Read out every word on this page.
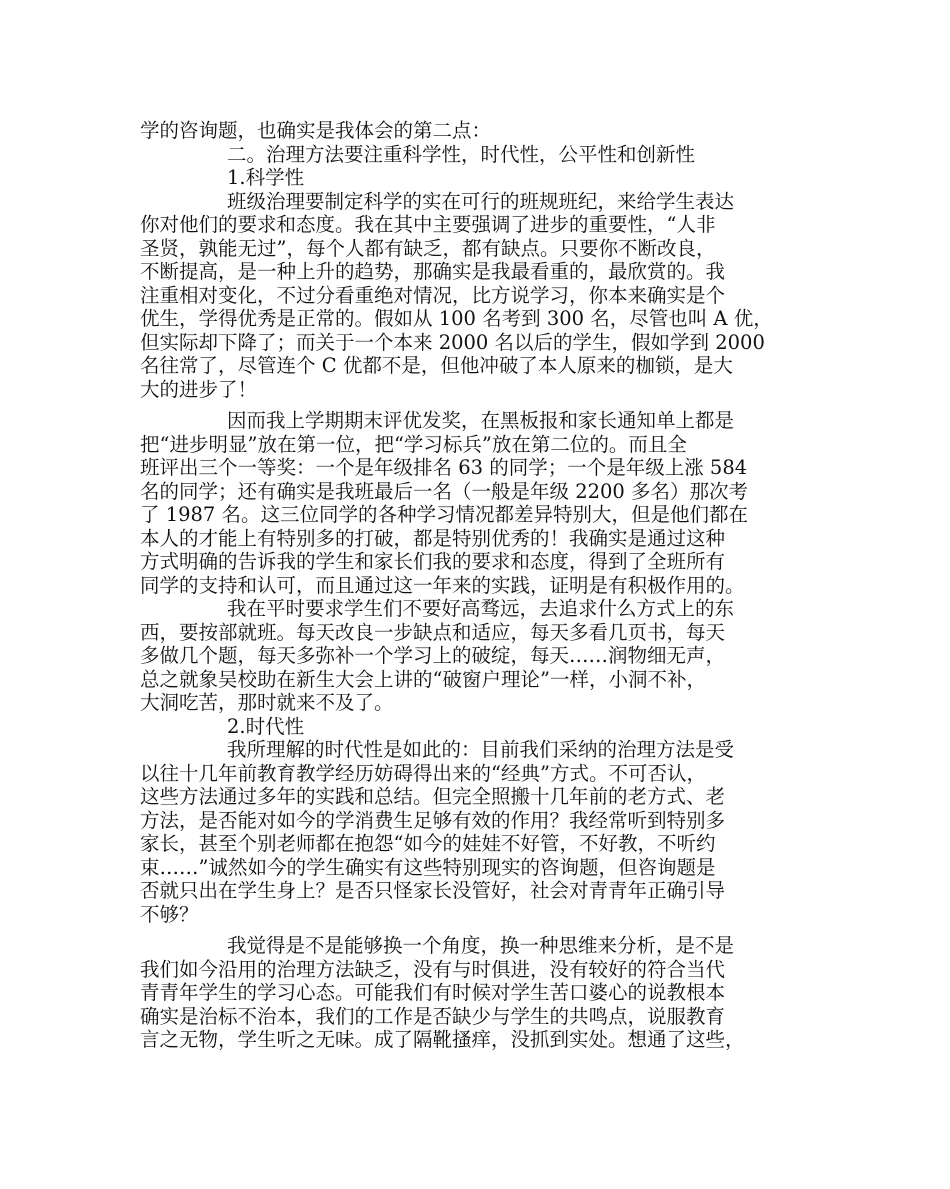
学的咨询题，也确实是我体会的第二点：
二。治理方法要注重科学性，时代性，公平性和创新性
1.科学性
班级治理要制定科学的实在可行的班规班纪，来给学生表达
你对他们的要求和态度。我在其中主要强调了进步的重要性，“人非
圣贤，孰能无过”，每个人都有缺乏，都有缺点。只要你不断改良，
不断提高，是一种上升的趋势，那确实是我最看重的，最欣赏的。我
注重相对变化，不过分看重绝对情况，比方说学习，你本来确实是个
优生，学得优秀是正常的。假如从 100 名考到 300 名，尽管也叫 A 优，
但实际却下降了；而关于一个本来 2000 名以后的学生，假如学到 2000
名往常了，尽管连个 C 优都不是，但他冲破了本人原来的枷锁，是大
大的进步了！
因而我上学期期末评优发奖，在黑板报和家长通知单上都是
把“进步明显”放在第一位，把“学习标兵”放在第二位的。而且全
班评出三个一等奖：一个是年级排名 63 的同学；一个是年级上涨 584
名的同学；还有确实是我班最后一名（一般是年级 2200 多名）那次考
了 1987 名。这三位同学的各种学习情况都差异特别大，但是他们都在
本人的才能上有特别多的打破，都是特别优秀的！我确实是通过这种
方式明确的告诉我的学生和家长们我的要求和态度，得到了全班所有
同学的支持和认可，而且通过这一年来的实践，证明是有积极作用的。
我在平时要求学生们不要好高骛远，去追求什么方式上的东
西，要按部就班。每天改良一步缺点和适应，每天多看几页书，每天
多做几个题，每天多弥补一个学习上的破绽，每天……润物细无声，
总之就象吴校助在新生大会上讲的“破窗户理论”一样，小洞不补，
大洞吃苦，那时就来不及了。
2.时代性
我所理解的时代性是如此的：目前我们采纳的治理方法是受
以往十几年前教育教学经历妨碍得出来的“经典”方式。不可否认，
这些方法通过多年的实践和总结。但完全照搬十几年前的老方式、老
方法，是否能对如今的学消费生足够有效的作用？我经常听到特别多
家长，甚至个别老师都在抱怨“如今的娃娃不好管，不好教，不听约
束……”诚然如今的学生确实有这些特别现实的咨询题，但咨询题是
否就只出在学生身上？是否只怪家长没管好，社会对青青年正确引导
不够？
我觉得是不是能够换一个角度，换一种思维来分析，是不是
我们如今沿用的治理方法缺乏，没有与时俱进，没有较好的符合当代
青青年学生的学习心态。可能我们有时候对学生苦口婆心的说教根本
确实是治标不治本，我们的工作是否缺少与学生的共鸣点，说服教育
言之无物，学生听之无味。成了隔靴搔痒，没抓到实处。想通了这些，
